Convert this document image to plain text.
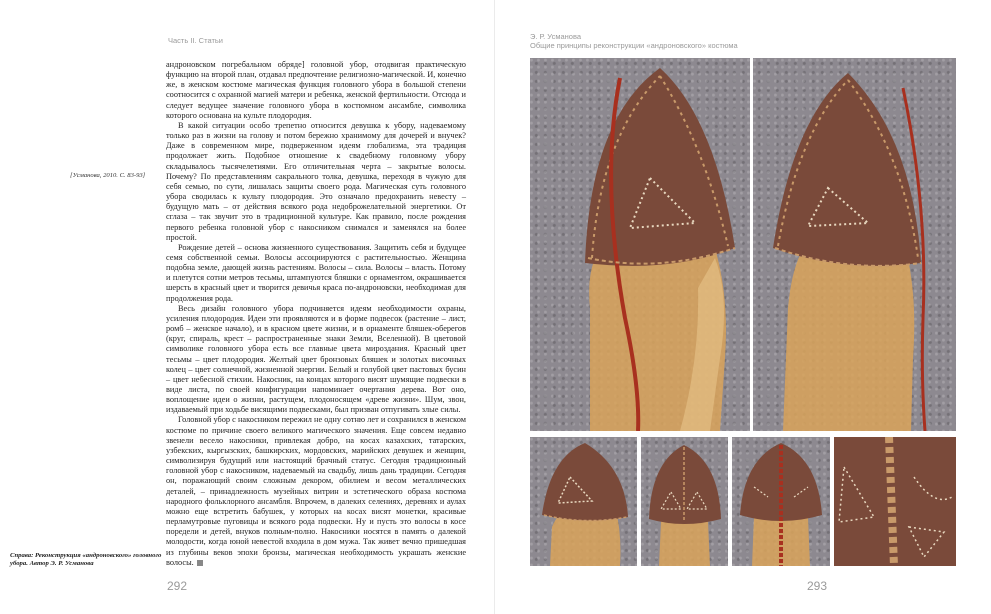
Часть II. Статьи
[Усманова, 2010. С. 83-93]

андроновском погребальном обряде] головной убор, отодвигая практическую функцию на второй план, отдавал предпочтение религиозно-магической. И, конечно же, в женском костюме магическая функция головного убора в большой степени соотносится с охранной магией матери и ребенка, женской фертильности. Отсюда и следует ведущее значение головного убора в костюмном ансамбле, символика которого основана на культе плодородия.

В какой ситуации особо трепетно относится девушка к убору, надеваемому только раз в жизни на голову и потом бережно хранимому для дочерей и внучек? Даже в современном мире, подверженном идеям глобализма, эта традиция продолжает жить. Подобное отношение к свадебному головному убору складывалось тысячелетиями. Его отличительная черта – закрытые волосы. Почему? По представлениям сакрального толка, девушка, переходя в чужую для себя семью, по сути, лишалась защиты своего рода. Магическая суть головного убора сводилась к культу плодородия. Это означало предохранить невесту – будущую мать – от действия всякого рода недоброжелательной энергетики. От сглаза – так звучит это в традиционной культуре. Как правило, после рождения первого ребенка головной убор с накосником снимался и заменялся на более простой.

Рождение детей – основа жизненного существования. Защитить себя и будущее семя собственной семьи. Волосы ассоциируются с растительностью. Женщина подобна земле, дающей жизнь растениям. Волосы – сила. Волосы – власть. Потому и плетутся сотни метров тесьмы, штампуются бляшки с орнаментом, окрашивается шерсть в красный цвет и творится девичья краса по-андроновски, необходимая для продолжения рода.

Весь дизайн головного убора подчиняется идеям необходимости охраны, усиления плодородия. Идеи эти проявляются и в форме подвесок (растение – лист, ромб – женское начало), и в красном цвете жизни, и в орнаменте бляшек-оберегов (круг, спираль, крест – распространенные знаки Земли, Вселенной). В цветовой символике головного убора есть все главные цвета мироздания. Красный цвет тесьмы – цвет плодородия. Желтый цвет бронзовых бляшек и золотых височных колец – цвет солнечной, жизненной энергии. Белый и голубой цвет пастовых бусин – цвет небесной стихии. Накосник, на концах которого висят шумящие подвески в виде листа, по своей конфигурации напоминает очертания дерева. Вот оно, воплощение идеи о жизни, растущем, плодоносящем «древе жизни». Шум, звон, издаваемый при ходьбе висящими подвесками, был призван отпугивать злые силы.

Головной убор с накосником пережил не одну сотню лет и сохранился в женском костюме по причине своего великого магического значения. Еще совсем недавно звенели весело накосники, привлекая добро, на косах казахских, татарских, узбекских, кыргызских, башкирских, мордовских, марийских девушек и женщин, символизируя будущий или настоящий брачный статус. Сегодня традиционный головной убор с накосником, надеваемый на свадьбу, лишь дань традиции. Сегодня он, поражающий своим сложным декором, обилием и весом металлических деталей, – принадлежность музейных витрин и эстетического образа костюма народного фольклорного ансамбля. Впрочем, в далеких селениях, деревнях и аулах можно еще встретить бабушек, у которых на косах висят монетки, красивые перламутровые пуговицы и всякого рода подвески. Ну и пусть это волосы в косе поредели и детей, внуков полным-полно. Накосники носятся в память о далекой молодости, когда юной невестой входила в дом мужа. Так живет вечно пришедшая из глубины веков эпохи бронзы, магическая необходимость украшать женские волосы.

Справа: Реконструкция «андроновского» головного убора. Автор Э. Р. Усманова
292
Э. Р. Усманова
Общие принципы реконструкции «андроновского» костюма
293
